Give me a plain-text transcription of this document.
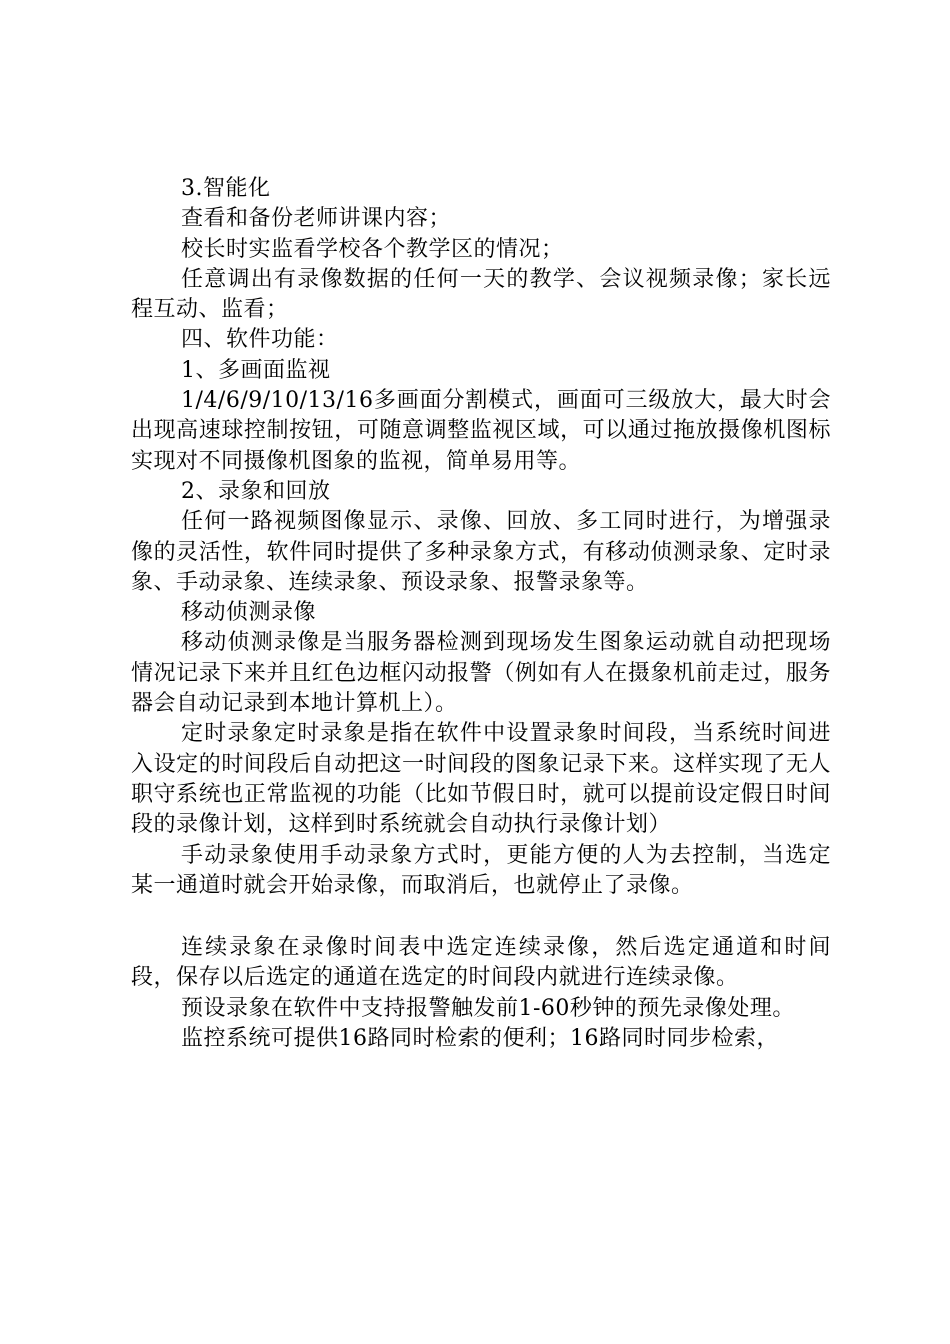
3.智能化

查看和备份老师讲课内容；

校长时实监看学校各个教学区的情况；

任意调出有录像数据的任何一天的教学、会议视频录像；家长远程互动、监看；

四、软件功能：

1、多画面监视

1/4/6/9/10/13/16多画面分割模式，画面可三级放大，最大时会出现高速球控制按钮，可随意调整监视区域，可以通过拖放摄像机图标实现对不同摄像机图象的监视，简单易用等。

2、录象和回放

任何一路视频图像显示、录像、回放、多工同时进行，为增强录像的灵活性，软件同时提供了多种录象方式，有移动侦测录象、定时录象、手动录象、连续录象、预设录象、报警录象等。

移动侦测录像

移动侦测录像是当服务器检测到现场发生图象运动就自动把现场情况记录下来并且红色边框闪动报警（例如有人在摄象机前走过，服务器会自动记录到本地计算机上）。

定时录象定时录象是指在软件中设置录象时间段，当系统时间进入设定的时间段后自动把这一时间段的图象记录下来。这样实现了无人职守系统也正常监视的功能（比如节假日时，就可以提前设定假日时间段的录像计划，这样到时系统就会自动执行录像计划）

手动录象使用手动录象方式时，更能方便的人为去控制，当选定某一通道时就会开始录像，而取消后，也就停止了录像。

连续录象在录像时间表中选定连续录像，然后选定通道和时间段，保存以后选定的通道在选定的时间段内就进行连续录像。

预设录象在软件中支持报警触发前1-60秒钟的预先录像处理。

监控系统可提供16路同时检索的便利；16路同时同步检索，
